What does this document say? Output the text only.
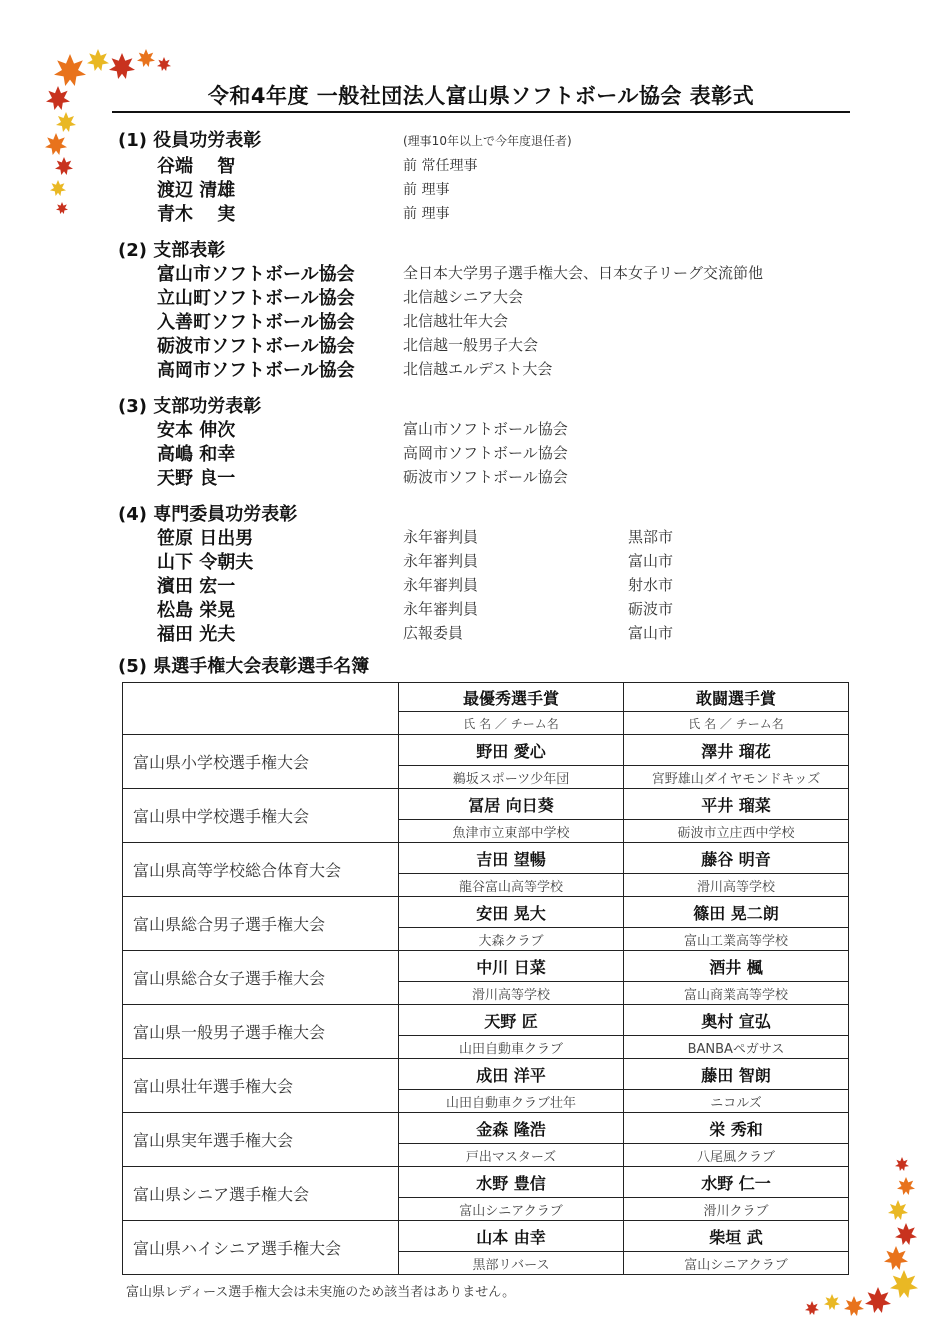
令和4年度 一般社団法人富山県ソフトボール協会 表彰式
(1) 役員功労表彰	(理事10年以上で今年度退任者)
谷端　 智	前 常任理事
渡辺 清雄	前 理事
青木　 実	前 理事
(2) 支部表彰
富山市ソフトボール協会	全日本大学男子選手権大会、日本女子リーグ交流節他
立山町ソフトボール協会	北信越シニア大会
入善町ソフトボール協会	北信越壮年大会
砺波市ソフトボール協会	北信越一般男子大会
高岡市ソフトボール協会	北信越エルデスト大会
(3) 支部功労表彰
安本 伸次	富山市ソフトボール協会
高嶋 和幸	高岡市ソフトボール協会
天野 良一	砺波市ソフトボール協会
(4) 専門委員功労表彰
笹原 日出男	永年審判員	黒部市
山下 令朝夫	永年審判員	富山市
濱田 宏一	永年審判員	射水市
松島 栄晃	永年審判員	砺波市
福田 光夫	広報委員	富山市
(5) 県選手権大会表彰選手名簿
	最優秀選手賞	敢闘選手賞
	氏 名 ／ チーム名	氏 名 ／ チーム名
富山県小学校選手権大会	野田 愛心	澤井 瑠花
	鵜坂スポーツ少年団	宮野雄山ダイヤモンドキッズ
富山県中学校選手権大会	冨居 向日葵	平井 瑠菜
	魚津市立東部中学校	砺波市立庄西中学校
富山県高等学校総合体育大会	吉田 望暢	藤谷 明音
	龍谷富山高等学校	滑川高等学校
富山県総合男子選手権大会	安田 晃大	篠田 晃二朗
	大森クラブ	富山工業高等学校
富山県総合女子選手権大会	中川 日菜	酒井 楓
	滑川高等学校	富山商業高等学校
富山県一般男子選手権大会	天野 匠	奥村 宣弘
	山田自動車クラブ	BANBAペガサス
富山県壮年選手権大会	成田 洋平	藤田 智朗
	山田自動車クラブ壮年	ニコルズ
富山県実年選手権大会	金森 隆浩	栄 秀和
	戸出マスターズ	八尾風クラブ
富山県シニア選手権大会	水野 豊信	水野 仁一
	富山シニアクラブ	滑川クラブ
富山県ハイシニア選手権大会	山本 由幸	柴垣 武
	黒部リバース	富山シニアクラブ
富山県レディース選手権大会は未実施のため該当者はありません。
